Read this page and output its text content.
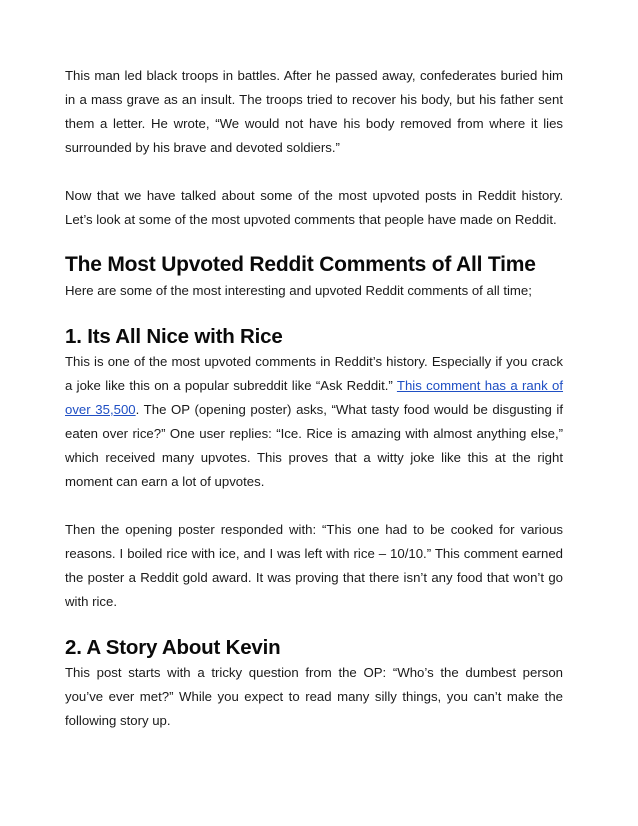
This man led black troops in battles. After he passed away, confederates buried him in a mass grave as an insult. The troops tried to recover his body, but his father sent them a letter. He wrote, “We would not have his body removed from where it lies surrounded by his brave and devoted soldiers.”

Now that we have talked about some of the most upvoted posts in Reddit history. Let’s look at some of the most upvoted comments that people have made on Reddit.

The Most Upvoted Reddit Comments of All Time

Here are some of the most interesting and upvoted Reddit comments of all time;

1. Its All Nice with Rice

This is one of the most upvoted comments in Reddit’s history. Especially if you crack a joke like this on a popular subreddit like “Ask Reddit.” This comment has a rank of over 35,500. The OP (opening poster) asks, “What tasty food would be disgusting if eaten over rice?” One user replies: “Ice. Rice is amazing with almost anything else,” which received many upvotes. This proves that a witty joke like this at the right moment can earn a lot of upvotes.

Then the opening poster responded with: “This one had to be cooked for various reasons. I boiled rice with ice, and I was left with rice – 10/10.” This comment earned the poster a Reddit gold award. It was proving that there isn’t any food that won’t go with rice.

2. A Story About Kevin

This post starts with a tricky question from the OP: “Who’s the dumbest person you’ve ever met?” While you expect to read many silly things, you can’t make the following story up.
